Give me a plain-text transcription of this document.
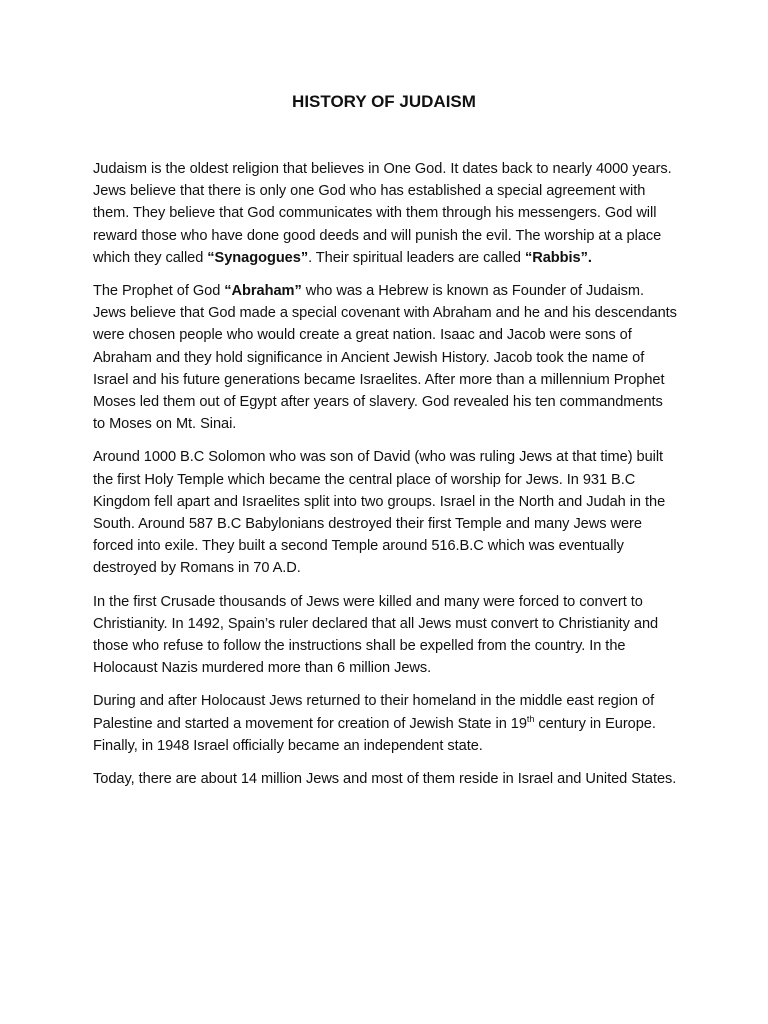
HISTORY OF JUDAISM

Judaism is the oldest religion that believes in One God. It dates back to nearly 4000 years. Jews believe that there is only one God who has established a special agreement with them. They believe that God communicates with them through his messengers. God will reward those who have done good deeds and will punish the evil. The worship at a place which they called “Synagogues”. Their spiritual leaders are called “Rabbis”.

The Prophet of God “Abraham” who was a Hebrew is known as Founder of Judaism. Jews believe that God made a special covenant with Abraham and he and his descendants were chosen people who would create a great nation. Isaac and Jacob were sons of Abraham and they hold significance in Ancient Jewish History. Jacob took the name of Israel and his future generations became Israelites. After more than a millennium Prophet Moses led them out of Egypt after years of slavery. God revealed his ten commandments to Moses on Mt. Sinai.

Around 1000 B.C Solomon who was son of David (who was ruling Jews at that time) built the first Holy Temple which became the central place of worship for Jews. In 931 B.C Kingdom fell apart and Israelites split into two groups. Israel in the North and Judah in the South. Around 587 B.C Babylonians destroyed their first Temple and many Jews were forced into exile. They built a second Temple around 516.B.C which was eventually destroyed by Romans in 70 A.D.

In the first Crusade thousands of Jews were killed and many were forced to convert to Christianity. In 1492, Spain’s ruler declared that all Jews must convert to Christianity and those who refuse to follow the instructions shall be expelled from the country. In the Holocaust Nazis murdered more than 6 million Jews.

During and after Holocaust Jews returned to their homeland in the middle east region of Palestine and started a movement for creation of Jewish State in 19th century in Europe. Finally, in 1948 Israel officially became an independent state.

Today, there are about 14 million Jews and most of them reside in Israel and United States.
